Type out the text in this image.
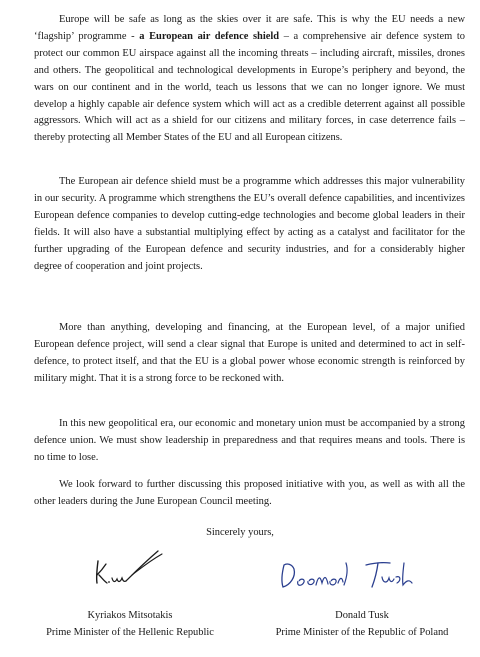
Europe will be safe as long as the skies over it are safe. This is why the EU needs a new ‘flagship’ programme - a European air defence shield – a comprehensive air defence system to protect our common EU airspace against all the incoming threats – including aircraft, missiles, drones and others. The geopolitical and technological developments in Europe’s periphery and beyond, the wars on our continent and in the world, teach us lessons that we can no longer ignore. We must develop a highly capable air defence system which will act as a credible deterrent against all possible aggressors. Which will act as a shield for our citizens and military forces, in case deterrence fails – thereby protecting all Member States of the EU and all European citizens.

The European air defence shield must be a programme which addresses this major vulnerability in our security. A programme which strengthens the EU’s overall defence capabilities, and incentivizes European defence companies to develop cutting-edge technologies and become global leaders in their fields. It will also have a substantial multiplying effect by acting as a catalyst and facilitator for the further upgrading of the European defence and security industries, and for a considerably higher degree of cooperation and joint projects.

More than anything, developing and financing, at the European level, of a major unified European defence project, will send a clear signal that Europe is united and determined to act in self-defence, to protect itself, and that the EU is a global power whose economic strength is reinforced by military might. That it is a strong force to be reckoned with.

In this new geopolitical era, our economic and monetary union must be accompanied by a strong defence union. We must show leadership in preparedness and that requires means and tools. There is no time to lose.

We look forward to further discussing this proposed initiative with you, as well as with all the other leaders during the June European Council meeting.

Sincerely yours,

Kyriakos Mitsotakis
Prime Minister of the Hellenic Republic
Donald Tusk
Prime Minister of the Republic of Poland
